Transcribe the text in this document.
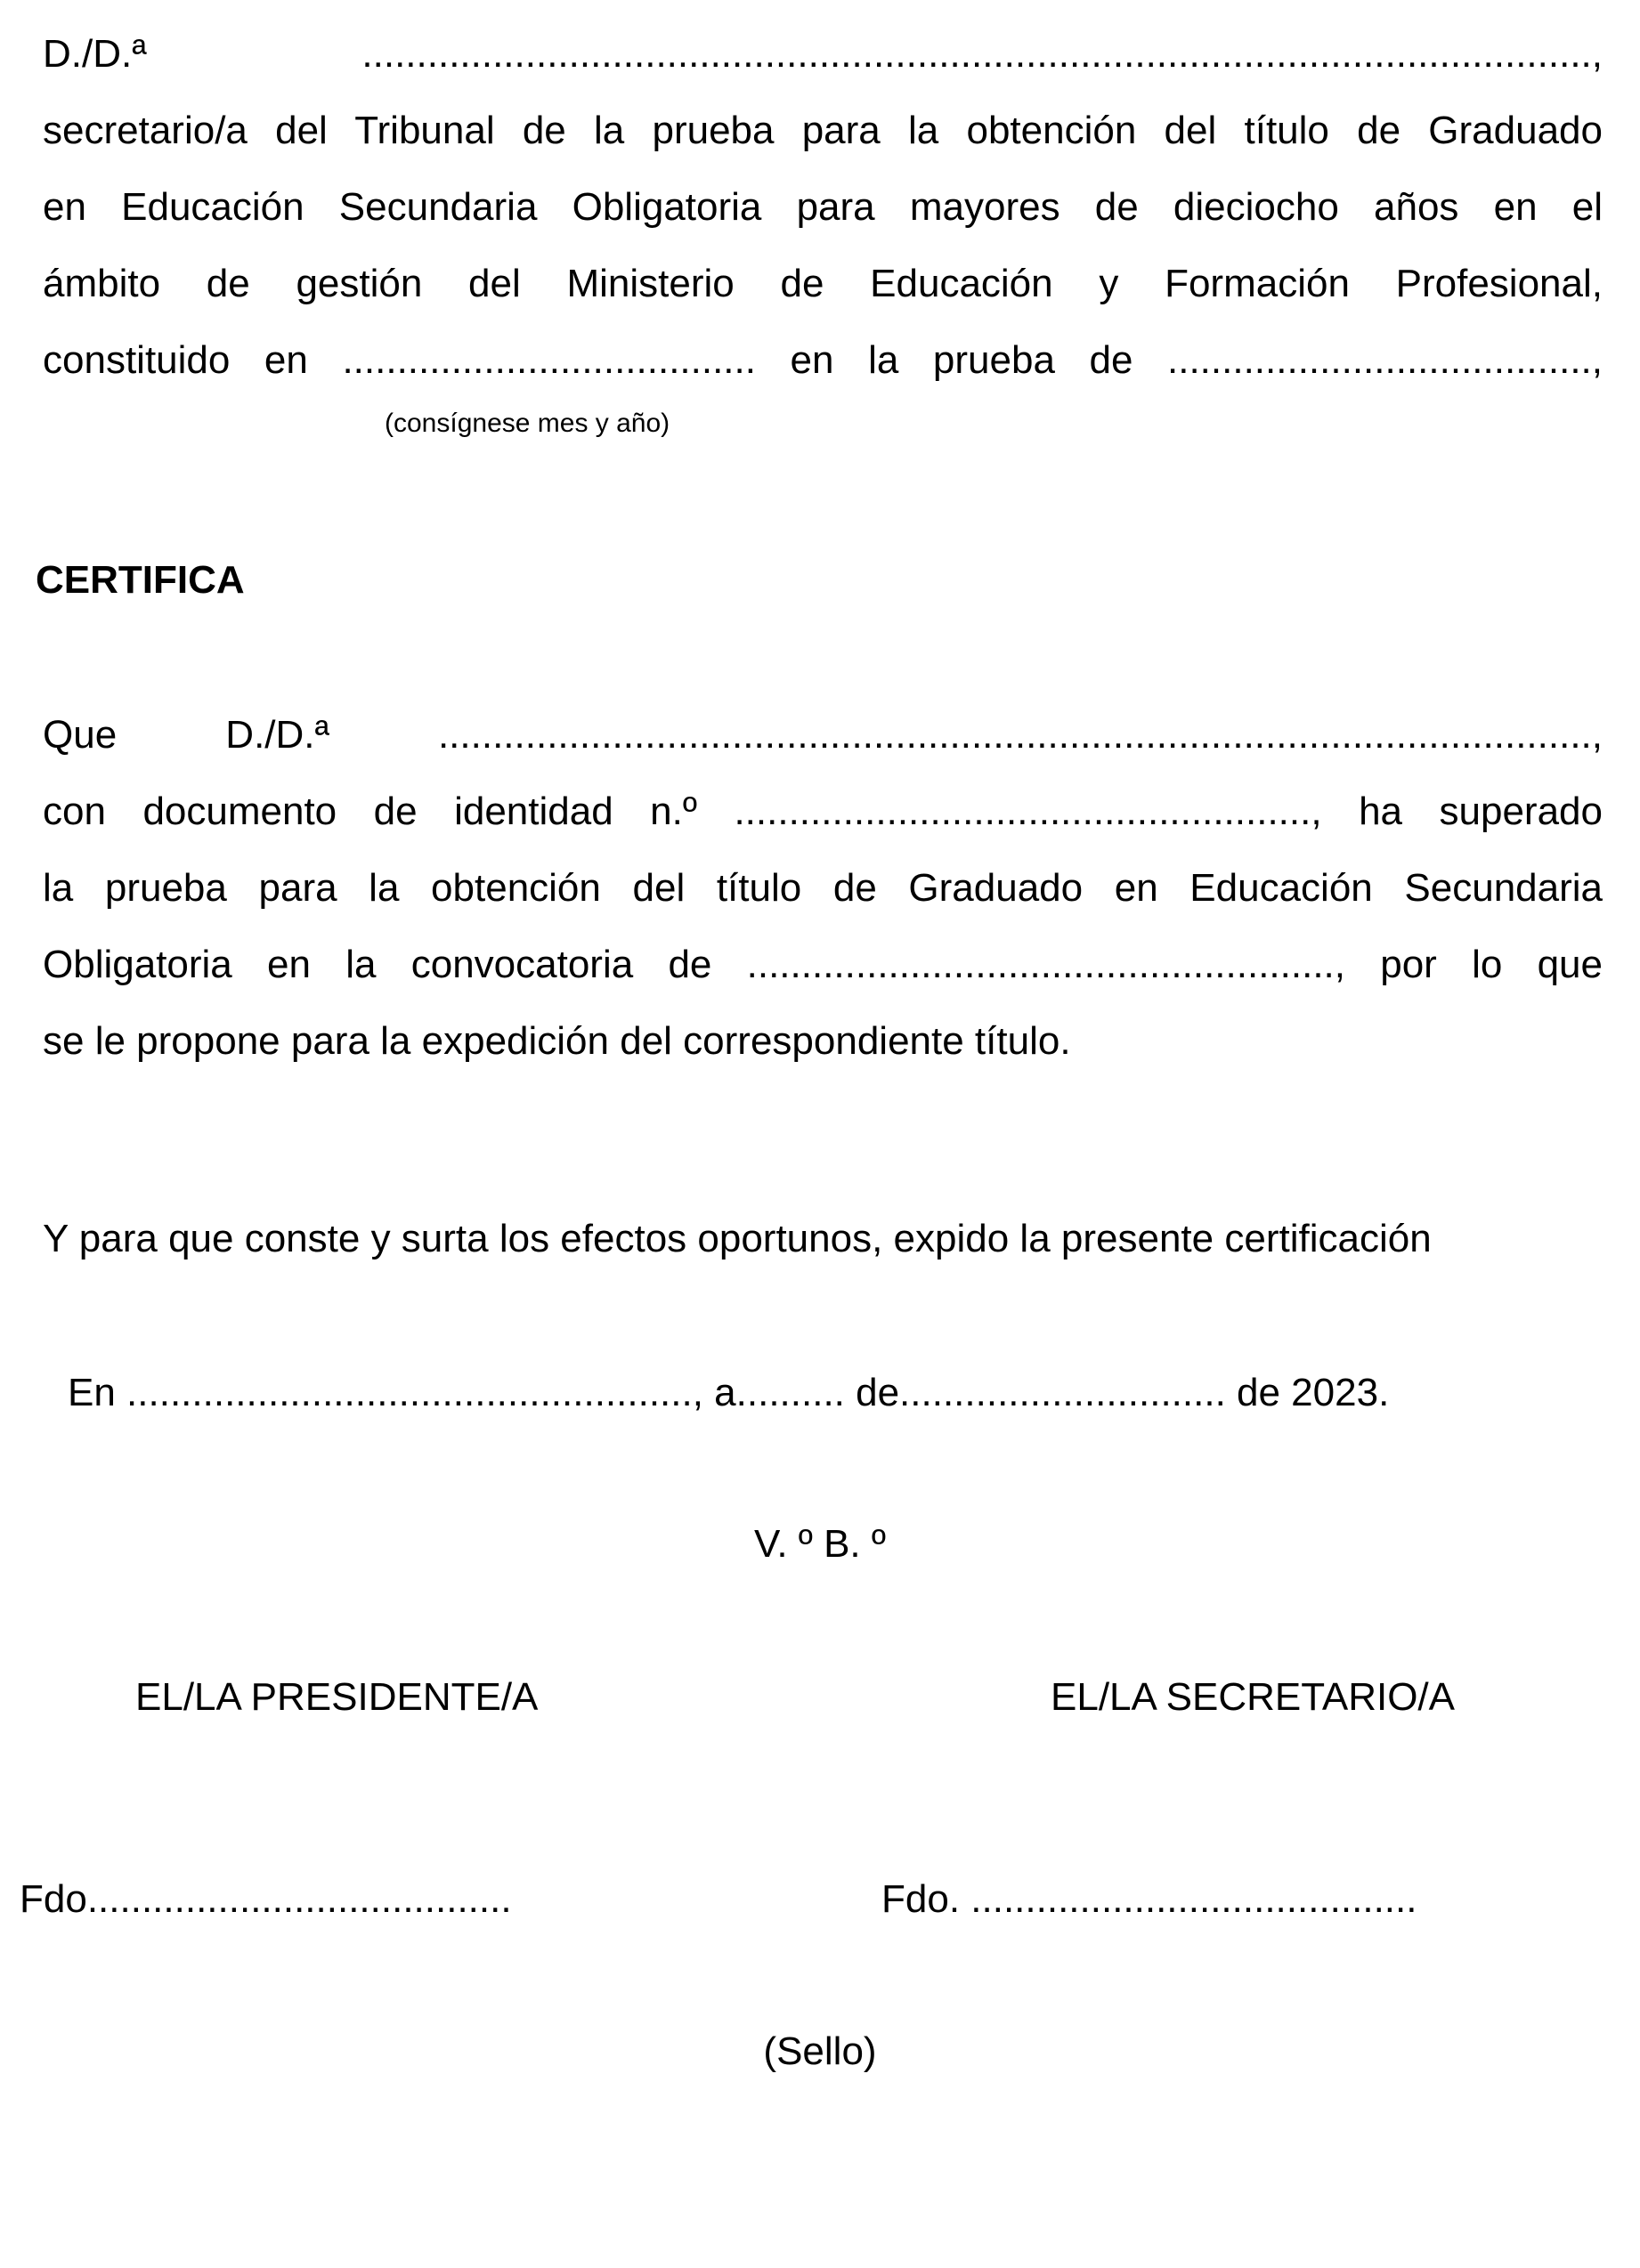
D./D.ª .................................................................................................................,
secretario/a del Tribunal de la prueba para la obtención del título de Graduado
en Educación Secundaria Obligatoria para mayores de dieciocho años en el
ámbito de gestión del Ministerio de Educación y Formación Profesional,
constituido en ...................................... en la prueba de .......................................,
(consígnese mes y año)
CERTIFICA
Que D./D.ª ..........................................................................................................,
con documento de identidad n.º ....................................................., ha superado
la prueba para la obtención del título de Graduado en Educación Secundaria
Obligatoria en la convocatoria de ......................................................, por lo que
se le propone para la expedición del correspondiente título.
Y para que conste y surta los efectos oportunos, expido la presente certificación
En ...................................................., a.......... de.............................. de 2023.
V. º B. º
EL/LA PRESIDENTE/A	EL/LA SECRETARIO/A
Fdo.......................................	Fdo. .........................................
(Sello)
